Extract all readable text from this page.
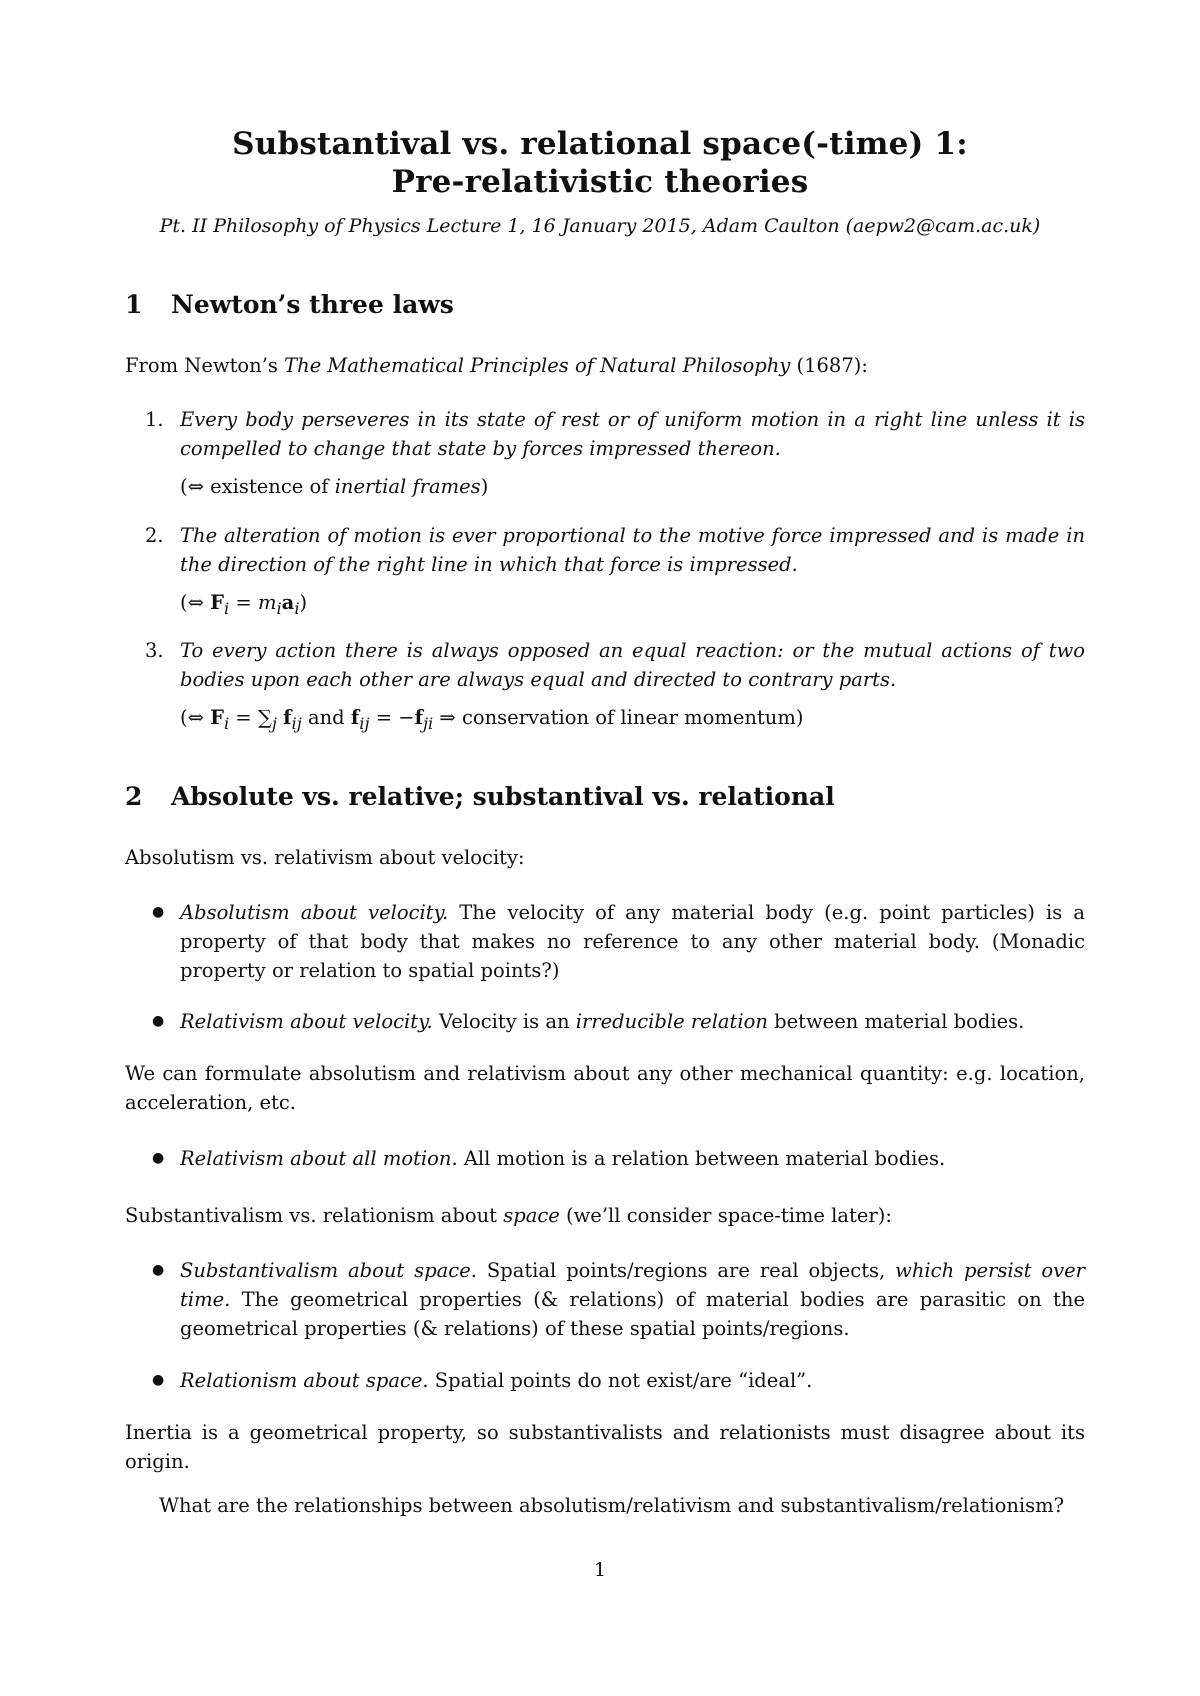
Substantival vs. relational space(-time) 1:
Pre-relativistic theories
Pt. II Philosophy of Physics Lecture 1, 16 January 2015, Adam Caulton (aepw2@cam.ac.uk)
1 Newton’s three laws
From Newton’s The Mathematical Principles of Natural Philosophy (1687):
1. Every body perseveres in its state of rest or of uniform motion in a right line unless it is compelled to change that state by forces impressed thereon.
(⇔ existence of inertial frames)
2. The alteration of motion is ever proportional to the motive force impressed and is made in the direction of the right line in which that force is impressed.
(⇔ $F_i = m_ia_i$)
3. To every action there is always opposed an equal reaction: or the mutual actions of two bodies upon each other are always equal and directed to contrary parts.
(⇔ $F_i = \sum_j$ $f_{ij}$ and $f_{ij} = -f_{ji}$ ⇒ conservation of linear momentum)
2 Absolute vs. relative; substantival vs. relational
Absolutism vs. relativism about velocity:
● Absolutism about velocity. The velocity of any material body (e.g. point particles) is a property of that body that makes no reference to any other material body. (Monadic property or relation to spatial points?)
● Relativism about velocity. Velocity is an irreducible relation between material bodies.
We can formulate absolutism and relativism about any other mechanical quantity: e.g. location, acceleration, etc.
● Relativism about all motion. All motion is a relation between material bodies.
Substantivalism vs. relationism about space (we’ll consider space-time later):
● Substantivalism about space. Spatial points/regions are real objects, which persist over time. The geometrical properties (& relations) of material bodies are parasitic on the geometrical properties (& relations) of these spatial points/regions.
● Relationism about space. Spatial points do not exist/are “ideal”.
Inertia is a geometrical property, so substantivalists and relationists must disagree about its origin.
What are the relationships between absolutism/relativism and substantivalism/relationism?
1
